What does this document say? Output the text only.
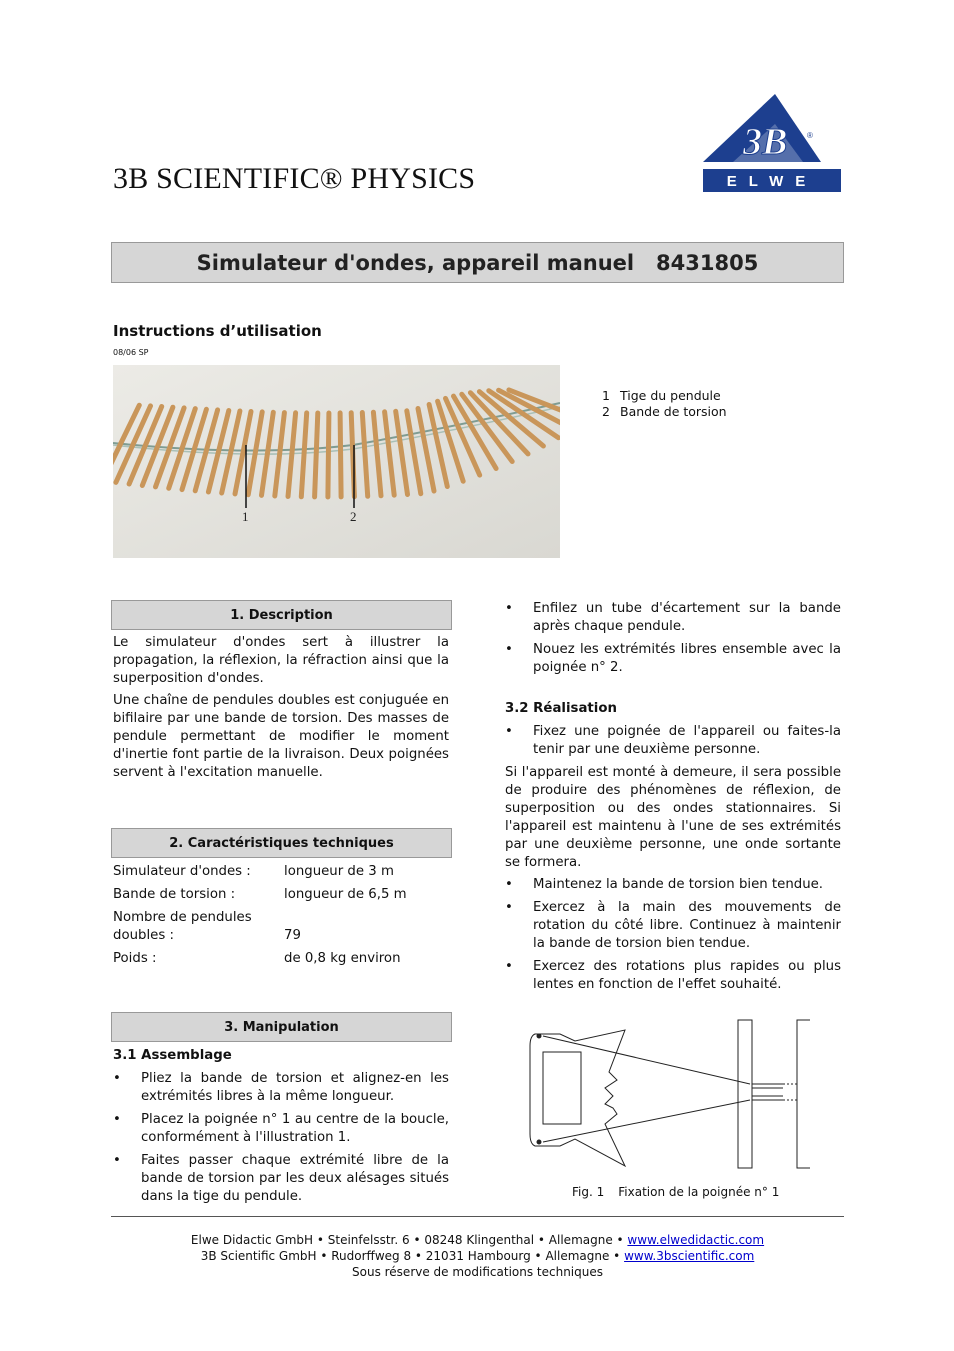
3B SCIENTIFIC® PHYSICS
3B ®
ELWE
Simulateur d'ondes, appareil manuel   8431805
Instructions d’utilisation
08/06 SP
1	2
1 Tige du pendule
2 Bande de torsion
1. Description

Le simulateur d'ondes sert à illustrer la propagation, la réflexion, la réfraction ainsi que la superposition d'ondes.

Une chaîne de pendules doubles est conjuguée en bifilaire par une bande de torsion. Des masses de pendule permettant de modifier le moment d'inertie font partie de la livraison. Deux poignées servent à l'excitation manuelle.

2. Caractéristiques techniques
Simulateur d'ondes :	longueur de 3 m
Bande de torsion :	longueur de 6,5 m
Nombre de pendules doubles :	79
Poids :	de 0,8 kg environ
3. Manipulation
3.1 Assemblage
• Pliez la bande de torsion et alignez-en les extrémités libres à la même longueur.
• Placez la poignée n° 1 au centre de la boucle, conformément à l'illustration 1.
• Faites passer chaque extrémité libre de la bande de torsion par les deux alésages situés dans la tige du pendule.
• Enfilez un tube d'écartement sur la bande après chaque pendule.
• Nouez les extrémités libres ensemble avec la poignée n° 2.
3.2 Réalisation
• Fixez une poignée de l'appareil ou faites-la tenir par une deuxième personne.

Si l'appareil est monté à demeure, il sera possible de produire des phénomènes de réflexion, de superposition ou des ondes stationnaires. Si l'appareil est maintenu à l'une de ses extrémités par une deuxième personne, une onde sortante se formera.

• Maintenez la bande de torsion bien tendue.
• Exercez à la main des mouvements de rotation du côté libre. Continuez à maintenir la bande de torsion bien tendue.
• Exercez des rotations plus rapides ou plus lentes en fonction de l'effet souhaité.
Fig. 1 Fixation de la poignée n° 1
Elwe Didactic GmbH • Steinfelsstr. 6 • 08248 Klingenthal • Allemagne • www.elwedidactic.com
3B Scientific GmbH • Rudorffweg 8 • 21031 Hambourg • Allemagne • www.3bscientific.com
Sous réserve de modifications techniques
